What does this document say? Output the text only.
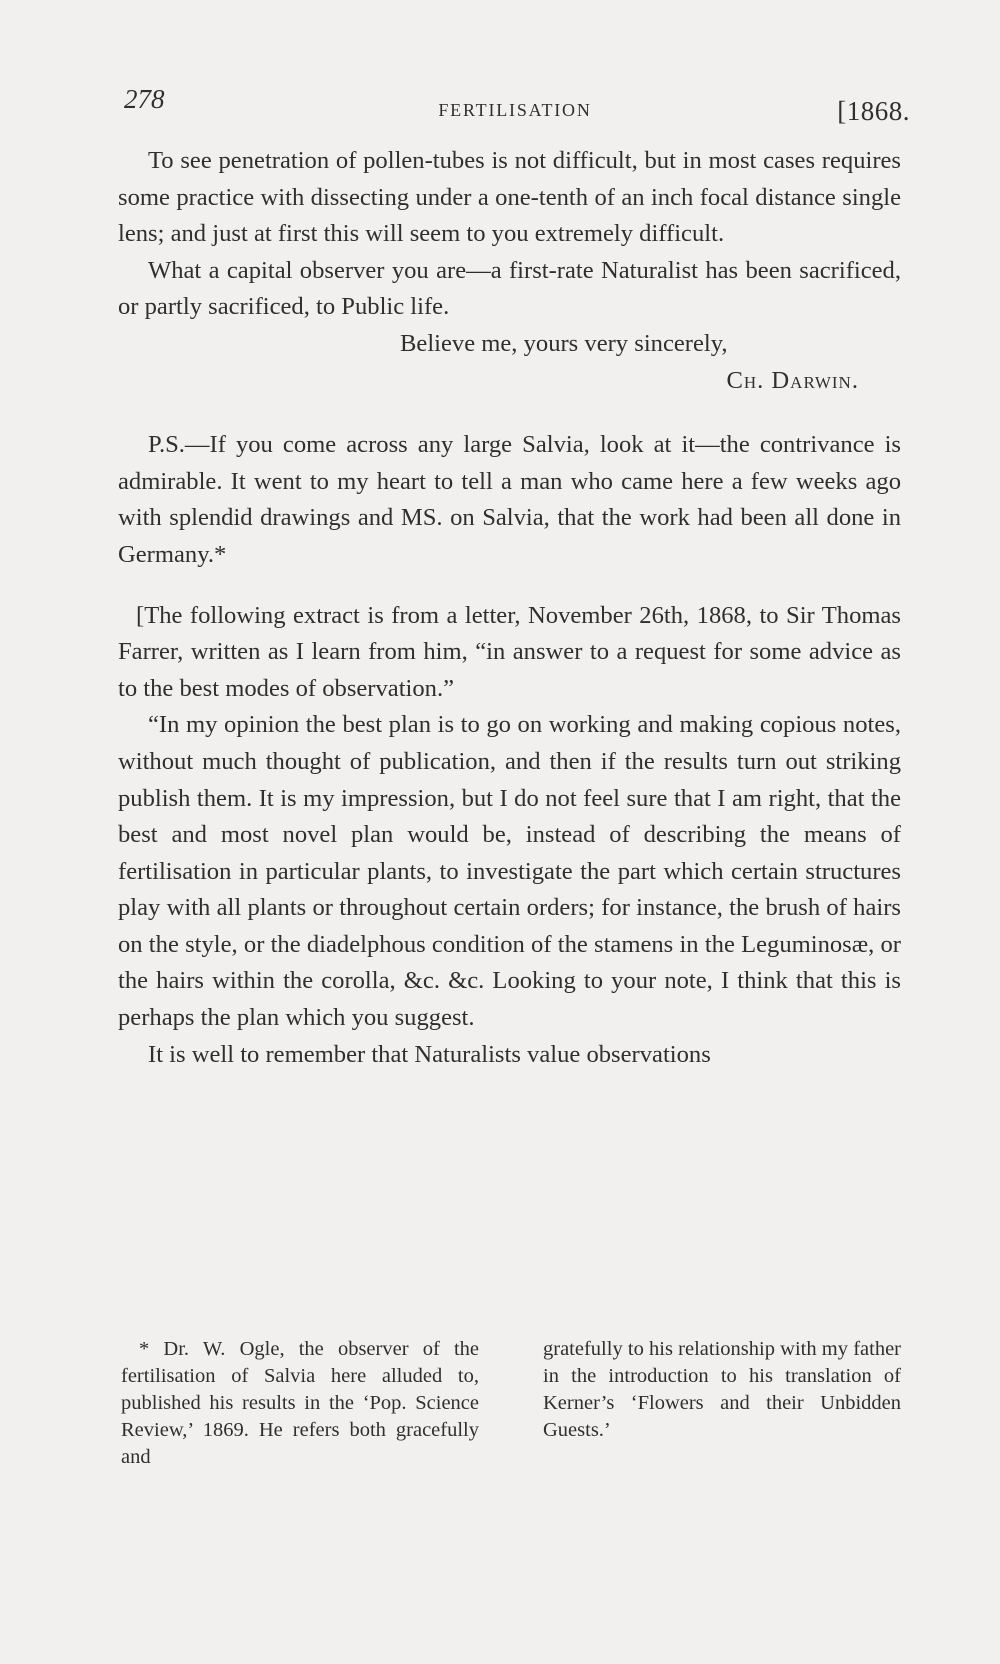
278	FERTILISATION	[1868.

To see penetration of pollen-tubes is not difficult, but in most cases requires some practice with dissecting under a one-tenth of an inch focal distance single lens; and just at first this will seem to you extremely difficult.

What a capital observer you are—a first-rate Naturalist has been sacrificed, or partly sacrificed, to Public life.

Believe me, yours very sincerely,

Ch. Darwin.

P.S.—If you come across any large Salvia, look at it—the contrivance is admirable. It went to my heart to tell a man who came here a few weeks ago with splendid drawings and MS. on Salvia, that the work had been all done in Germany.*

[The following extract is from a letter, November 26th, 1868, to Sir Thomas Farrer, written as I learn from him, “in answer to a request for some advice as to the best modes of observation.”

“In my opinion the best plan is to go on working and making copious notes, without much thought of publication, and then if the results turn out striking publish them. It is my impression, but I do not feel sure that I am right, that the best and most novel plan would be, instead of describing the means of fertilisation in particular plants, to investigate the part which certain structures play with all plants or throughout certain orders; for instance, the brush of hairs on the style, or the diadelphous condition of the stamens in the Leguminosæ, or the hairs within the corolla, &c. &c. Looking to your note, I think that this is perhaps the plan which you suggest.

It is well to remember that Naturalists value observations

* Dr. W. Ogle, the observer of the fertilisation of Salvia here alluded to, published his results in the ‘Pop. Science Review,’ 1869. He refers both gracefully and

gratefully to his relationship with my father in the introduction to his translation of Kerner’s ‘Flowers and their Unbidden Guests.’
